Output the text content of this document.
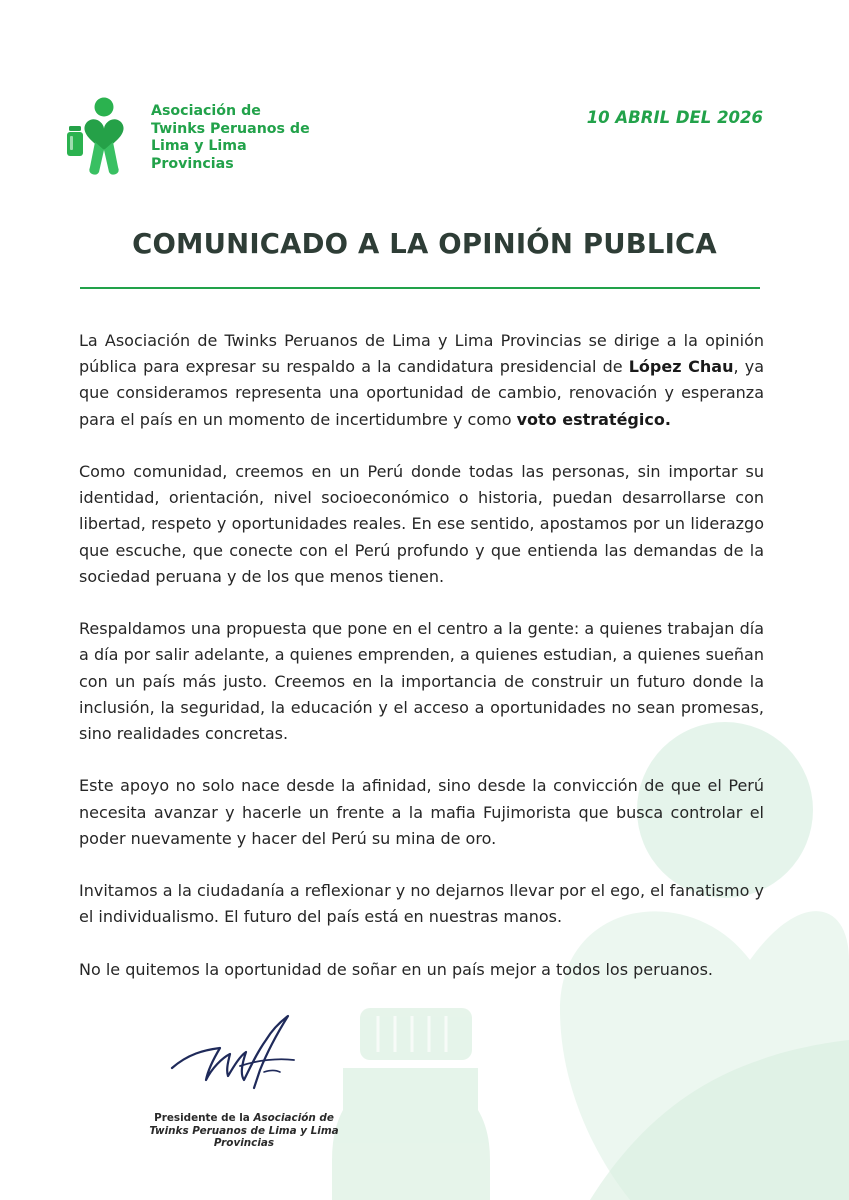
Asociación de Twinks Peruanos de Lima y Lima Provincias
10 ABRIL DEL 2026
COMUNICADO A LA OPINIÓN PUBLICA

La Asociación de Twinks Peruanos de Lima y Lima Provincias se dirige a la opinión pública para expresar su respaldo a la candidatura presidencial de López Chau, ya que consideramos representa una oportunidad de cambio, renovación y esperanza para el país en un momento de incertidumbre y como voto estratégico.

Como comunidad, creemos en un Perú donde todas las personas, sin importar su identidad, orientación, nivel socioeconómico o historia, puedan desarrollarse con libertad, respeto y oportunidades reales. En ese sentido, apostamos por un liderazgo que escuche, que conecte con el Perú profundo y que entienda las demandas de la sociedad peruana y de los que menos tienen.

Respaldamos una propuesta que pone en el centro a la gente: a quienes trabajan día a día por salir adelante, a quienes emprenden, a quienes estudian, a quienes sueñan con un país más justo. Creemos en la importancia de construir un futuro donde la inclusión, la seguridad, la educación y el acceso a oportunidades no sean promesas, sino realidades concretas.

Este apoyo no solo nace desde la afinidad, sino desde la convicción de que el Perú necesita avanzar y hacerle un frente a la mafia Fujimorista que busca controlar el poder nuevamente y hacer del Perú su mina de oro.

Invitamos a la ciudadanía a reflexionar y no dejarnos llevar por el ego, el fanatismo y el individualismo. El futuro del país está en nuestras manos.

No le quitemos la oportunidad de soñar en un país mejor a todos los peruanos.

Presidente de la Asociación de Twinks Peruanos de Lima y Lima Provincias
